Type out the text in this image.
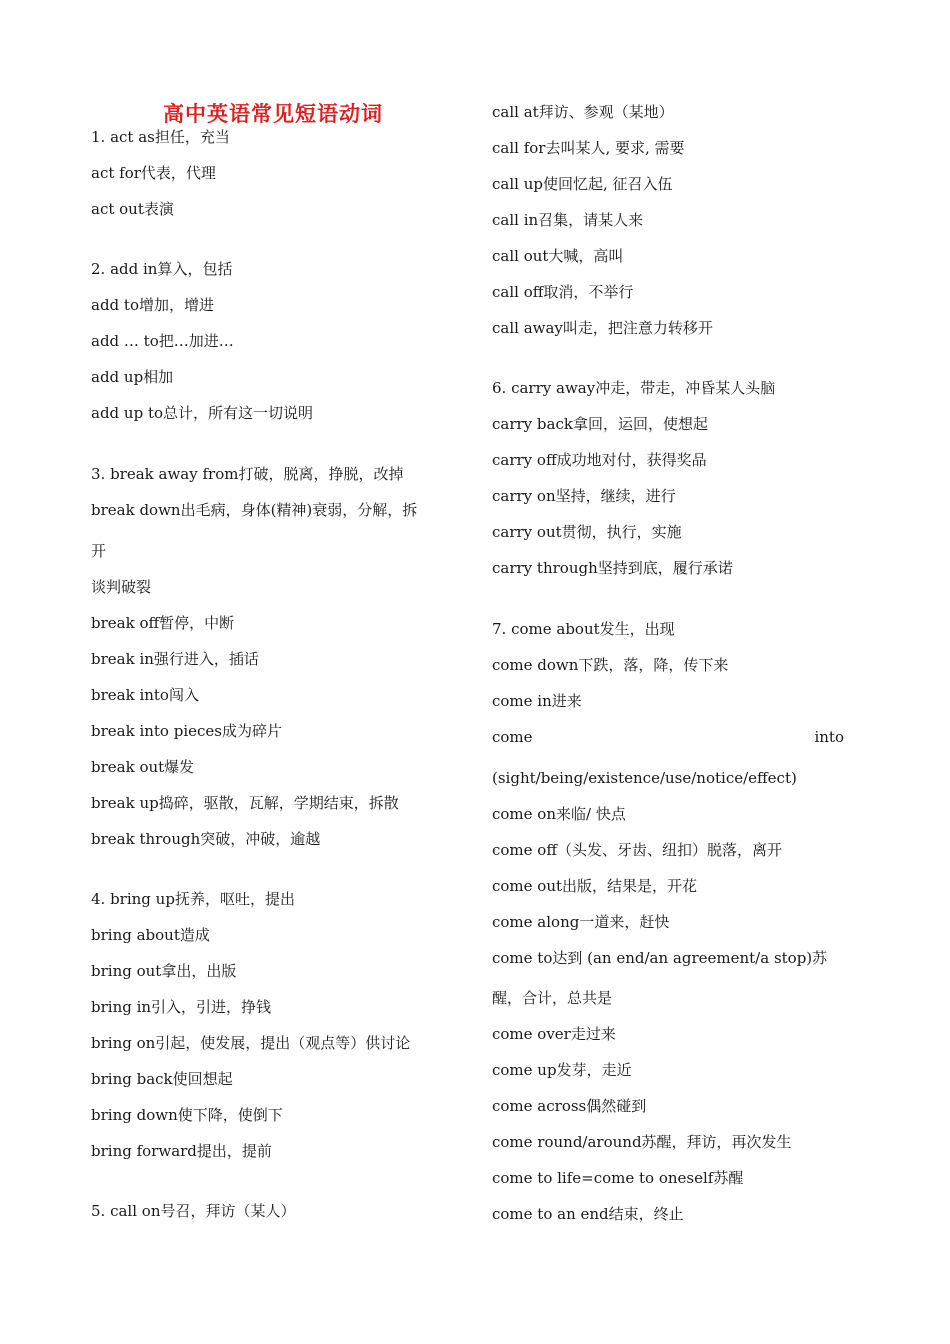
高中英语常见短语动词
1. act as担任，充当
act for代表，代理
act out表演
2. add in算入，包括
add to增加，增进
add … to把…加进…
add up相加
add up to总计，所有这一切说明
3. break away from打破，脱离，挣脱，改掉
break down出毛病，身体(精神)衰弱，分解，拆
开
谈判破裂
break off暂停，中断
break in强行进入，插话
break into闯入
break into pieces成为碎片
break out爆发
break up捣碎，驱散，瓦解，学期结束，拆散
break through突破，冲破，逾越
4. bring up抚养，呕吐，提出
bring about造成
bring out拿出，出版
bring in引入，引进，挣钱
bring on引起，使发展，提出（观点等）供讨论
bring back使回想起
bring down使下降，使倒下
bring forward提出，提前
5. call on号召，拜访（某人）
come	into
call at拜访、参观（某地）
call for去叫某人, 要求, 需要
call up使回忆起, 征召入伍
call in召集，请某人来
call out大喊，高叫
call off取消，不举行
call away叫走，把注意力转移开
6. carry away冲走，带走，冲昏某人头脑
carry back拿回，运回，使想起
carry off成功地对付，获得奖品
carry on坚持，继续，进行
carry out贯彻，执行，实施
carry through坚持到底，履行承诺
7. come about发生，出现
come down下跌，落，降，传下来
come in进来
(sight/being/existence/use/notice/effect)
come on来临/ 快点
come off（头发、牙齿、纽扣）脱落，离开
come out出版，结果是，开花
come along一道来，赶快
come to达到 (an end/an agreement/a stop)苏
醒，合计，总共是
come over走过来
come up发芽，走近
come across偶然碰到
come round/around苏醒，拜访，再次发生
come to life=come to oneself苏醒
come to an end结束，终止
